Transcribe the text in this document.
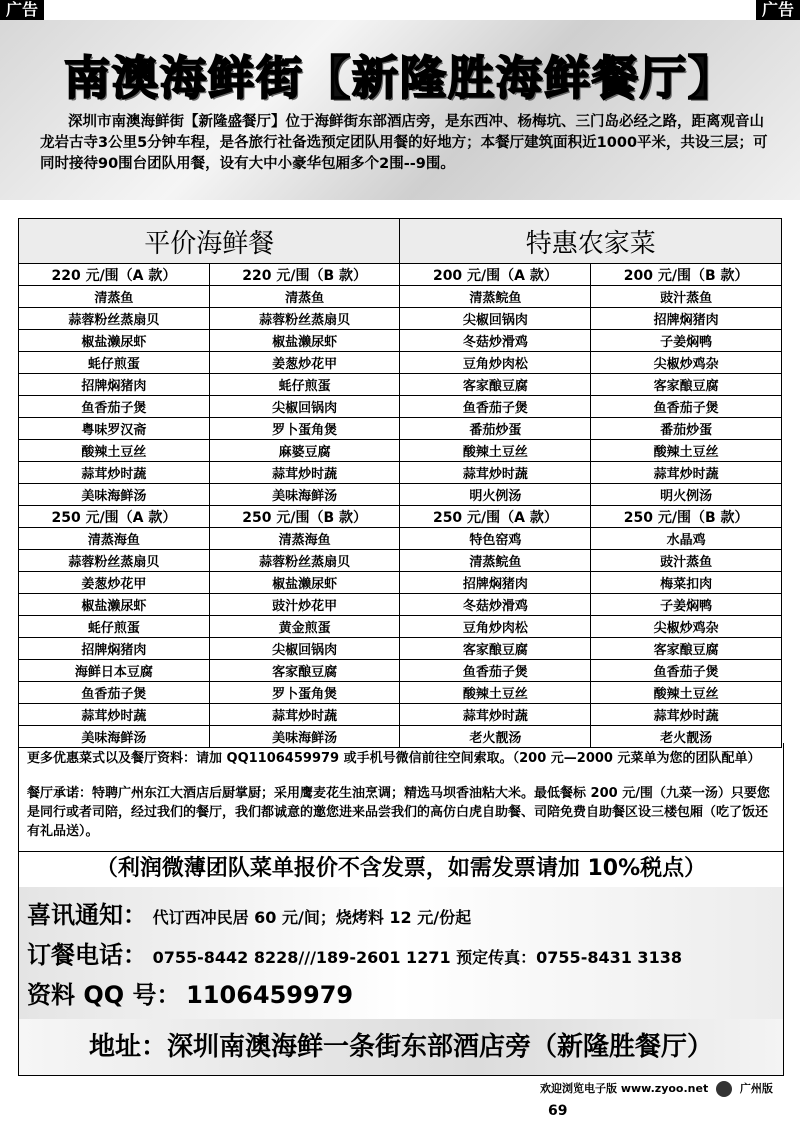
广告	广告
南澳海鲜街【新隆胜海鲜餐厅】
深圳市南澳海鲜街【新隆盛餐厅】位于海鲜街东部酒店旁，是东西冲、杨梅坑、三门岛必经之路，距离观音山龙岩古寺3公里5分钟车程，是各旅行社备选预定团队用餐的好地方；本餐厅建筑面积近1000平米，共设三层；可同时接待90围台团队用餐，设有大中小豪华包厢多个2围--9围。
平价海鲜餐		特惠农家菜	
220 元/围（A 款）	220 元/围（B 款）	200 元/围（A 款）	200 元/围（B 款）
清蒸鱼	清蒸鱼	清蒸鲩鱼	豉汁蒸鱼
蒜蓉粉丝蒸扇贝	蒜蓉粉丝蒸扇贝	尖椒回锅肉	招牌焖猪肉
椒盐濑尿虾	椒盐濑尿虾	冬菇炒滑鸡	子姜焖鸭
蚝仔煎蛋	姜葱炒花甲	豆角炒肉松	尖椒炒鸡杂
招牌焖猪肉	蚝仔煎蛋	客家酿豆腐	客家酿豆腐
鱼香茄子煲	尖椒回锅肉	鱼香茄子煲	鱼香茄子煲
粤味罗汉斋	罗卜蛋角煲	番茄炒蛋	番茄炒蛋
酸辣土豆丝	麻婆豆腐	酸辣土豆丝	酸辣土豆丝
蒜茸炒时蔬	蒜茸炒时蔬	蒜茸炒时蔬	蒜茸炒时蔬
美味海鲜汤	美味海鲜汤	明火例汤	明火例汤
250 元/围（A 款）	250 元/围（B 款）	250 元/围（A 款）	250 元/围（B 款）
清蒸海鱼	清蒸海鱼	特色窑鸡	水晶鸡
蒜蓉粉丝蒸扇贝	蒜蓉粉丝蒸扇贝	清蒸鲩鱼	豉汁蒸鱼
姜葱炒花甲	椒盐濑尿虾	招牌焖猪肉	梅菜扣肉
椒盐濑尿虾	豉汁炒花甲	冬菇炒滑鸡	子姜焖鸭
蚝仔煎蛋	黄金煎蛋	豆角炒肉松	尖椒炒鸡杂
招牌焖猪肉	尖椒回锅肉	客家酿豆腐	客家酿豆腐
海鲜日本豆腐	客家酿豆腐	鱼香茄子煲	鱼香茄子煲
鱼香茄子煲	罗卜蛋角煲	酸辣土豆丝	酸辣土豆丝
蒜茸炒时蔬	蒜茸炒时蔬	蒜茸炒时蔬	蒜茸炒时蔬
美味海鲜汤	美味海鲜汤	老火靓汤	老火靓汤

更多优惠菜式以及餐厅资料：请加 QQ1106459979 或手机号微信前往空间索取。（200 元—2000 元菜单为您的团队配单）

餐厅承诺：特聘广州东江大酒店后厨掌厨；采用鹰麦花生油烹调；精选马坝香油粘大米。最低餐标 200 元/围（九菜一汤）只要您是同行或者司陪，经过我们的餐厅，我们都诚意的邀您进来品尝我们的高仿白虎自助餐、司陪免费自助餐区设三楼包厢（吃了饭还有礼品送）。

（利润微薄团队菜单报价不含发票，如需发票请加 10%税点）
喜讯通知： 代订西冲民居 60 元/间；烧烤料 12 元/份起
订餐电话： 0755-8442 8228///189-2601 1271 预定传真：0755-8431 3138
资料 QQ 号： 1106459979
地址：深圳南澳海鲜一条街东部酒店旁（新隆胜餐厅）
欢迎浏览电子版 www.zyoo.net	广州版 69
